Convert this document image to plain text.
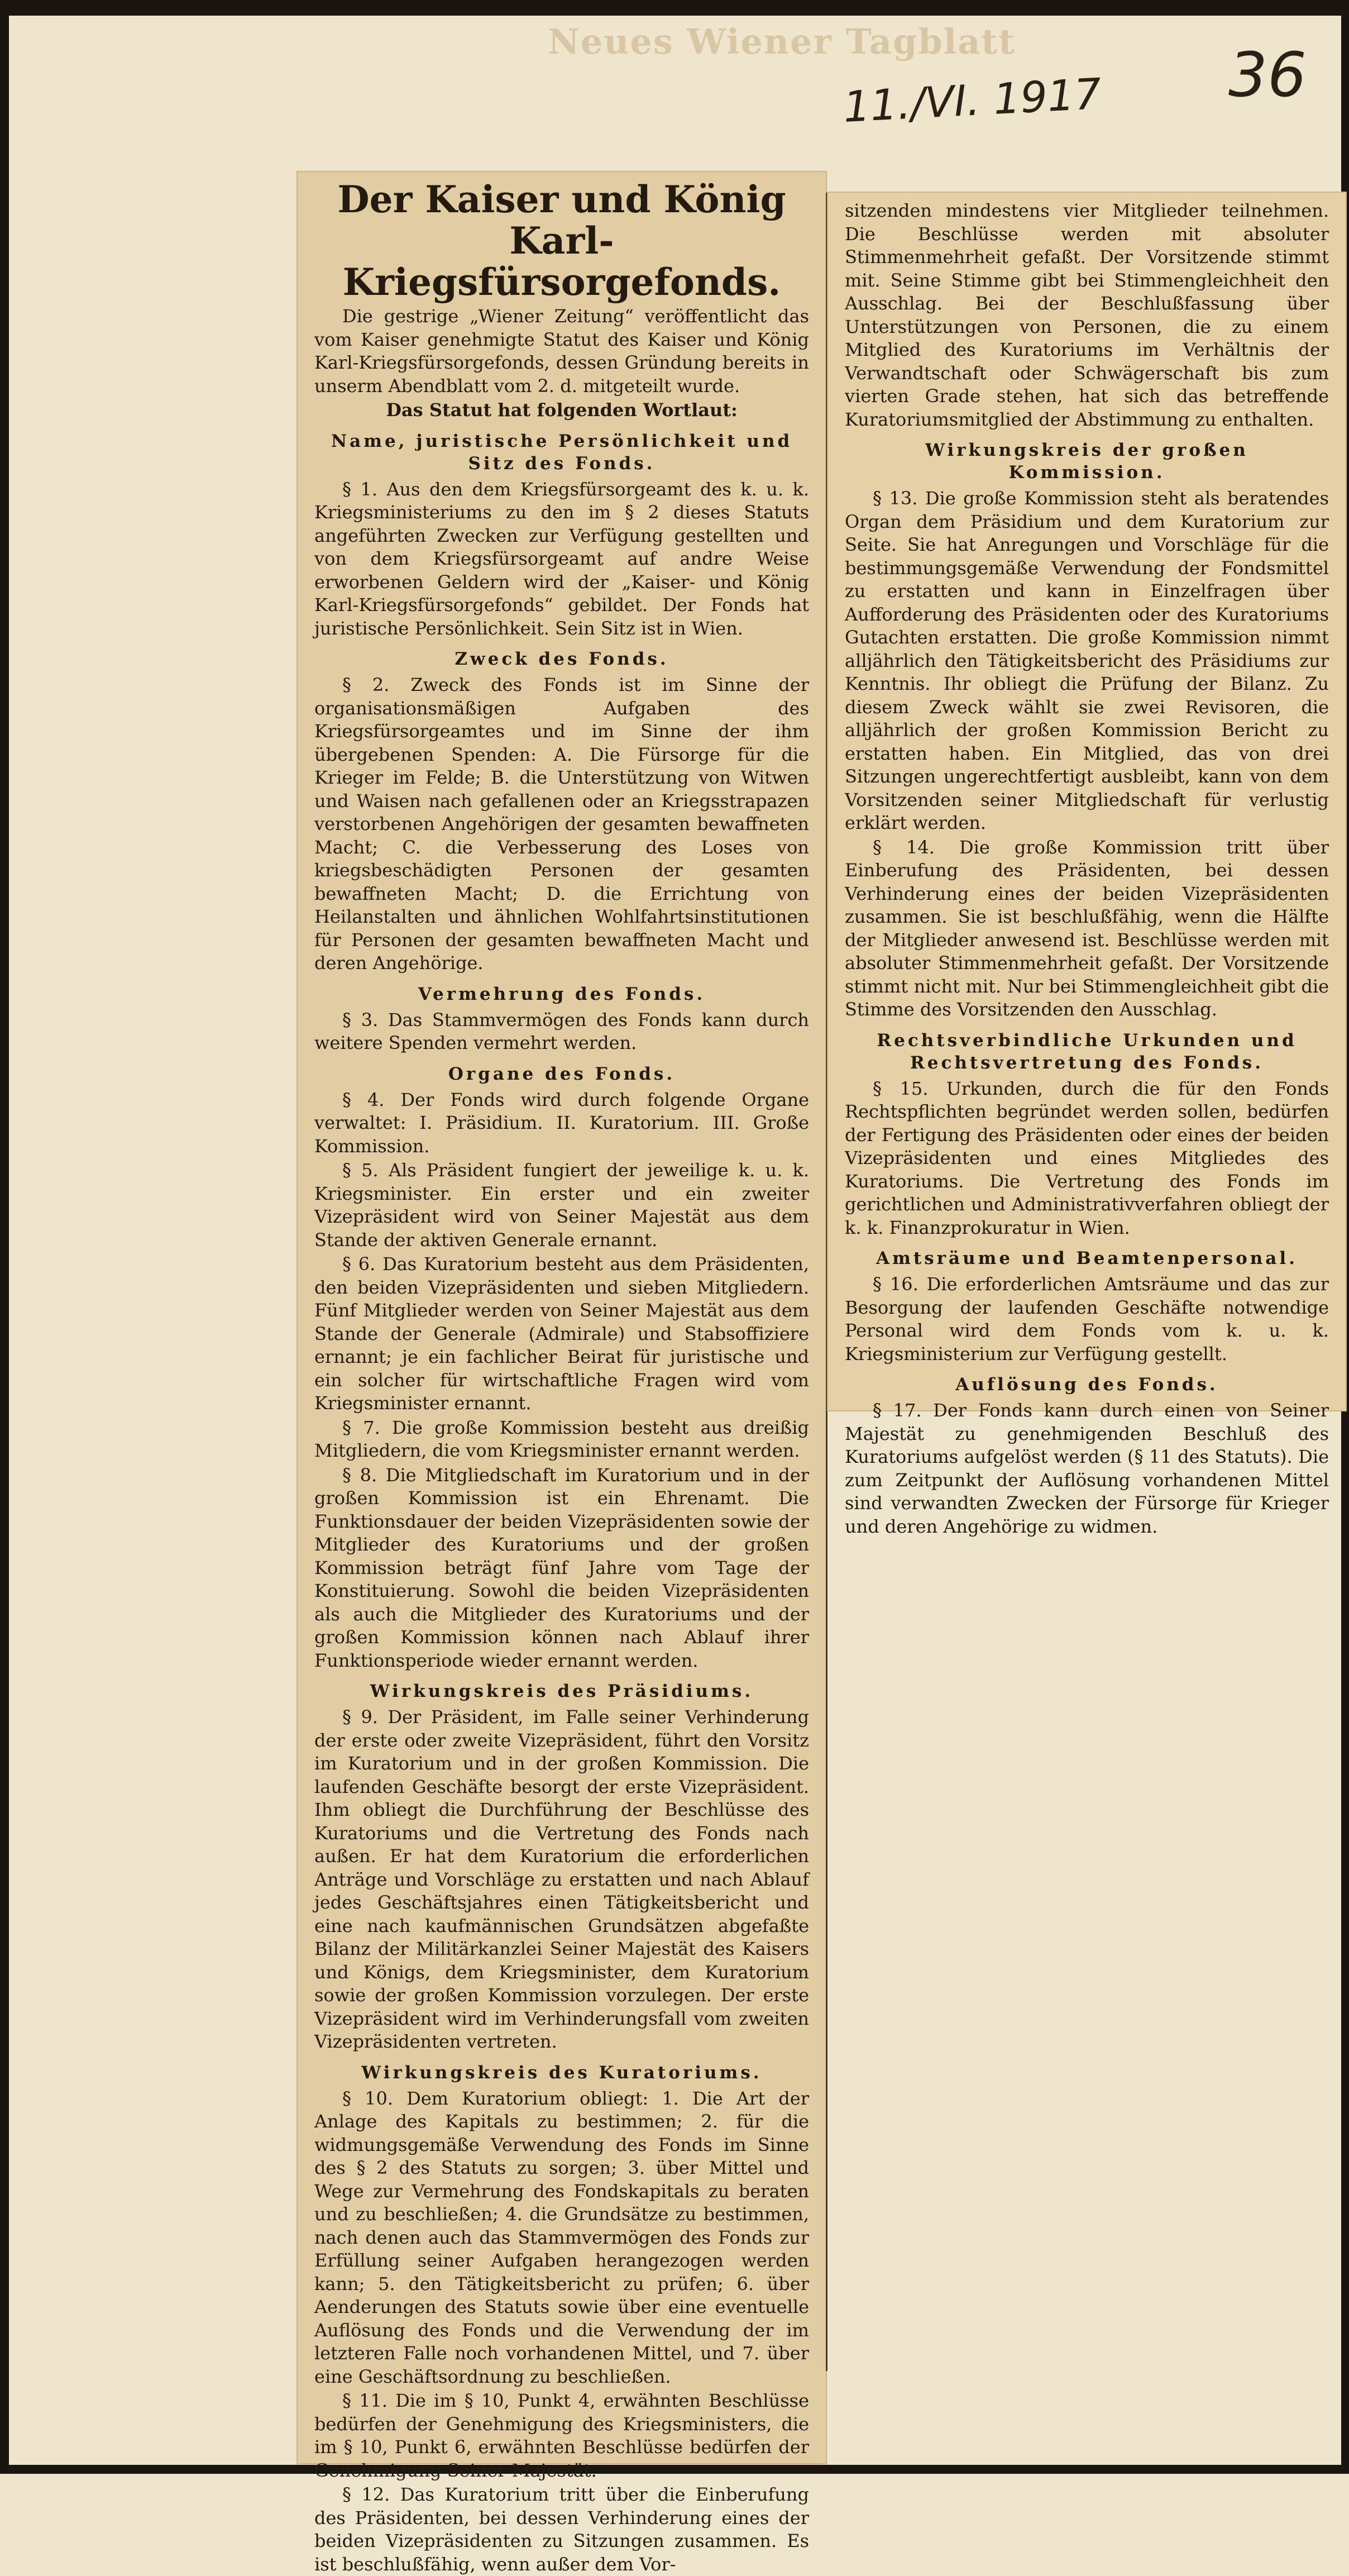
Neues Wiener Tagblatt
11./VI. 1917 36
Der Kaiser und König Karl-Kriegsfürsorgefonds.

Die gestrige „Wiener Zeitung“ veröffentlicht das vom Kaiser genehmigte Statut des Kaiser und König Karl-Kriegsfürsorgefonds, dessen Gründung bereits in unserm Abendblatt vom 2. d. mitgeteilt wurde.

Das Statut hat folgenden Wortlaut:

Name, juristische Persönlichkeit und Sitz des Fonds.

§ 1. Aus den dem Kriegsfürsorgeamt des k. u. k. Kriegsministeriums zu den im § 2 dieses Statuts angeführten Zwecken zur Verfügung gestellten und von dem Kriegsfürsorgeamt auf andre Weise erworbenen Geldern wird der „Kaiser- und König Karl-Kriegsfürsorgefonds“ gebildet. Der Fonds hat juristische Persönlichkeit. Sein Sitz ist in Wien.

Zweck des Fonds.

§ 2. Zweck des Fonds ist im Sinne der organisationsmäßigen Aufgaben des Kriegsfürsorgeamtes und im Sinne der ihm übergebenen Spenden: A. Die Fürsorge für die Krieger im Felde; B. die Unterstützung von Witwen und Waisen nach gefallenen oder an Kriegsstrapazen verstorbenen Angehörigen der gesamten bewaffneten Macht; C. die Verbesserung des Loses von kriegsbeschädigten Personen der gesamten bewaffneten Macht; D. die Errichtung von Heilanstalten und ähnlichen Wohlfahrtsinstitutionen für Personen der gesamten bewaffneten Macht und deren Angehörige.

Vermehrung des Fonds.

§ 3. Das Stammvermögen des Fonds kann durch weitere Spenden vermehrt werden.

Organe des Fonds.

§ 4. Der Fonds wird durch folgende Organe verwaltet: I. Präsidium. II. Kuratorium. III. Große Kommission.

§ 5. Als Präsident fungiert der jeweilige k. u. k. Kriegsminister. Ein erster und ein zweiter Vizepräsident wird von Seiner Majestät aus dem Stande der aktiven Generale ernannt.

§ 6. Das Kuratorium besteht aus dem Präsidenten, den beiden Vizepräsidenten und sieben Mitgliedern. Fünf Mitglieder werden von Seiner Majestät aus dem Stande der Generale (Admirale) und Stabsoffiziere ernannt; je ein fachlicher Beirat für juristische und ein solcher für wirtschaftliche Fragen wird vom Kriegsminister ernannt.

§ 7. Die große Kommission besteht aus dreißig Mitgliedern, die vom Kriegsminister ernannt werden.

§ 8. Die Mitgliedschaft im Kuratorium und in der großen Kommission ist ein Ehrenamt. Die Funktionsdauer der beiden Vizepräsidenten sowie der Mitglieder des Kuratoriums und der großen Kommission beträgt fünf Jahre vom Tage der Konstituierung. Sowohl die beiden Vizepräsidenten als auch die Mitglieder des Kuratoriums und der großen Kommission können nach Ablauf ihrer Funktionsperiode wieder ernannt werden.

Wirkungskreis des Präsidiums.

§ 9. Der Präsident, im Falle seiner Verhinderung der erste oder zweite Vizepräsident, führt den Vorsitz im Kuratorium und in der großen Kommission. Die laufenden Geschäfte besorgt der erste Vizepräsident. Ihm obliegt die Durchführung der Beschlüsse des Kuratoriums und die Vertretung des Fonds nach außen. Er hat dem Kuratorium die erforderlichen Anträge und Vorschläge zu erstatten und nach Ablauf jedes Geschäftsjahres einen Tätigkeitsbericht und eine nach kaufmännischen Grundsätzen abgefaßte Bilanz der Militärkanzlei Seiner Majestät des Kaisers und Königs, dem Kriegsminister, dem Kuratorium sowie der großen Kommission vorzulegen. Der erste Vizepräsident wird im Verhinderungsfall vom zweiten Vizepräsidenten vertreten.

Wirkungskreis des Kuratoriums.

§ 10. Dem Kuratorium obliegt: 1. Die Art der Anlage des Kapitals zu bestimmen; 2. für die widmungsgemäße Verwendung des Fonds im Sinne des § 2 des Statuts zu sorgen; 3. über Mittel und Wege zur Vermehrung des Fondskapitals zu beraten und zu beschließen; 4. die Grundsätze zu bestimmen, nach denen auch das Stammvermögen des Fonds zur Erfüllung seiner Aufgaben herangezogen werden kann; 5. den Tätigkeitsbericht zu prüfen; 6. über Aenderungen des Statuts sowie über eine eventuelle Auflösung des Fonds und die Verwendung der im letzteren Falle noch vorhandenen Mittel, und 7. über eine Geschäftsordnung zu beschließen.

§ 11. Die im § 10, Punkt 4, erwähnten Beschlüsse bedürfen der Genehmigung des Kriegsministers, die im § 10, Punkt 6, erwähnten Beschlüsse bedürfen der Genehmigung Seiner Majestät.

§ 12. Das Kuratorium tritt über die Einberufung des Präsidenten, bei dessen Verhinderung eines der beiden Vizepräsidenten zu Sitzungen zusammen. Es ist beschlußfähig, wenn außer dem Vor-

sitzenden mindestens vier Mitglieder teilnehmen. Die Beschlüsse werden mit absoluter Stimmenmehrheit gefaßt. Der Vorsitzende stimmt mit. Seine Stimme gibt bei Stimmengleichheit den Ausschlag. Bei der Beschlußfassung über Unterstützungen von Personen, die zu einem Mitglied des Kuratoriums im Verhältnis der Verwandtschaft oder Schwägerschaft bis zum vierten Grade stehen, hat sich das betreffende Kuratoriumsmitglied der Abstimmung zu enthalten.

Wirkungskreis der großen Kommission.

§ 13. Die große Kommission steht als beratendes Organ dem Präsidium und dem Kuratorium zur Seite. Sie hat Anregungen und Vorschläge für die bestimmungsgemäße Verwendung der Fondsmittel zu erstatten und kann in Einzelfragen über Aufforderung des Präsidenten oder des Kuratoriums Gutachten erstatten. Die große Kommission nimmt alljährlich den Tätigkeitsbericht des Präsidiums zur Kenntnis. Ihr obliegt die Prüfung der Bilanz. Zu diesem Zweck wählt sie zwei Revisoren, die alljährlich der großen Kommission Bericht zu erstatten haben. Ein Mitglied, das von drei Sitzungen ungerechtfertigt ausbleibt, kann von dem Vorsitzenden seiner Mitgliedschaft für verlustig erklärt werden.

§ 14. Die große Kommission tritt über Einberufung des Präsidenten, bei dessen Verhinderung eines der beiden Vizepräsidenten zusammen. Sie ist beschlußfähig, wenn die Hälfte der Mitglieder anwesend ist. Beschlüsse werden mit absoluter Stimmenmehrheit gefaßt. Der Vorsitzende stimmt nicht mit. Nur bei Stimmengleichheit gibt die Stimme des Vorsitzenden den Ausschlag.

Rechtsverbindliche Urkunden und Rechtsvertretung des Fonds.

§ 15. Urkunden, durch die für den Fonds Rechtspflichten begründet werden sollen, bedürfen der Fertigung des Präsidenten oder eines der beiden Vizepräsidenten und eines Mitgliedes des Kuratoriums. Die Vertretung des Fonds im gerichtlichen und Administrativverfahren obliegt der k. k. Finanzprokuratur in Wien.

Amtsräume und Beamtenpersonal.

§ 16. Die erforderlichen Amtsräume und das zur Besorgung der laufenden Geschäfte notwendige Personal wird dem Fonds vom k. u. k. Kriegsministerium zur Verfügung gestellt.

Auflösung des Fonds.

§ 17. Der Fonds kann durch einen von Seiner Majestät zu genehmigenden Beschluß des Kuratoriums aufgelöst werden (§ 11 des Statuts). Die zum Zeitpunkt der Auflösung vorhandenen Mittel sind verwandten Zwecken der Fürsorge für Krieger und deren Angehörige zu widmen.
